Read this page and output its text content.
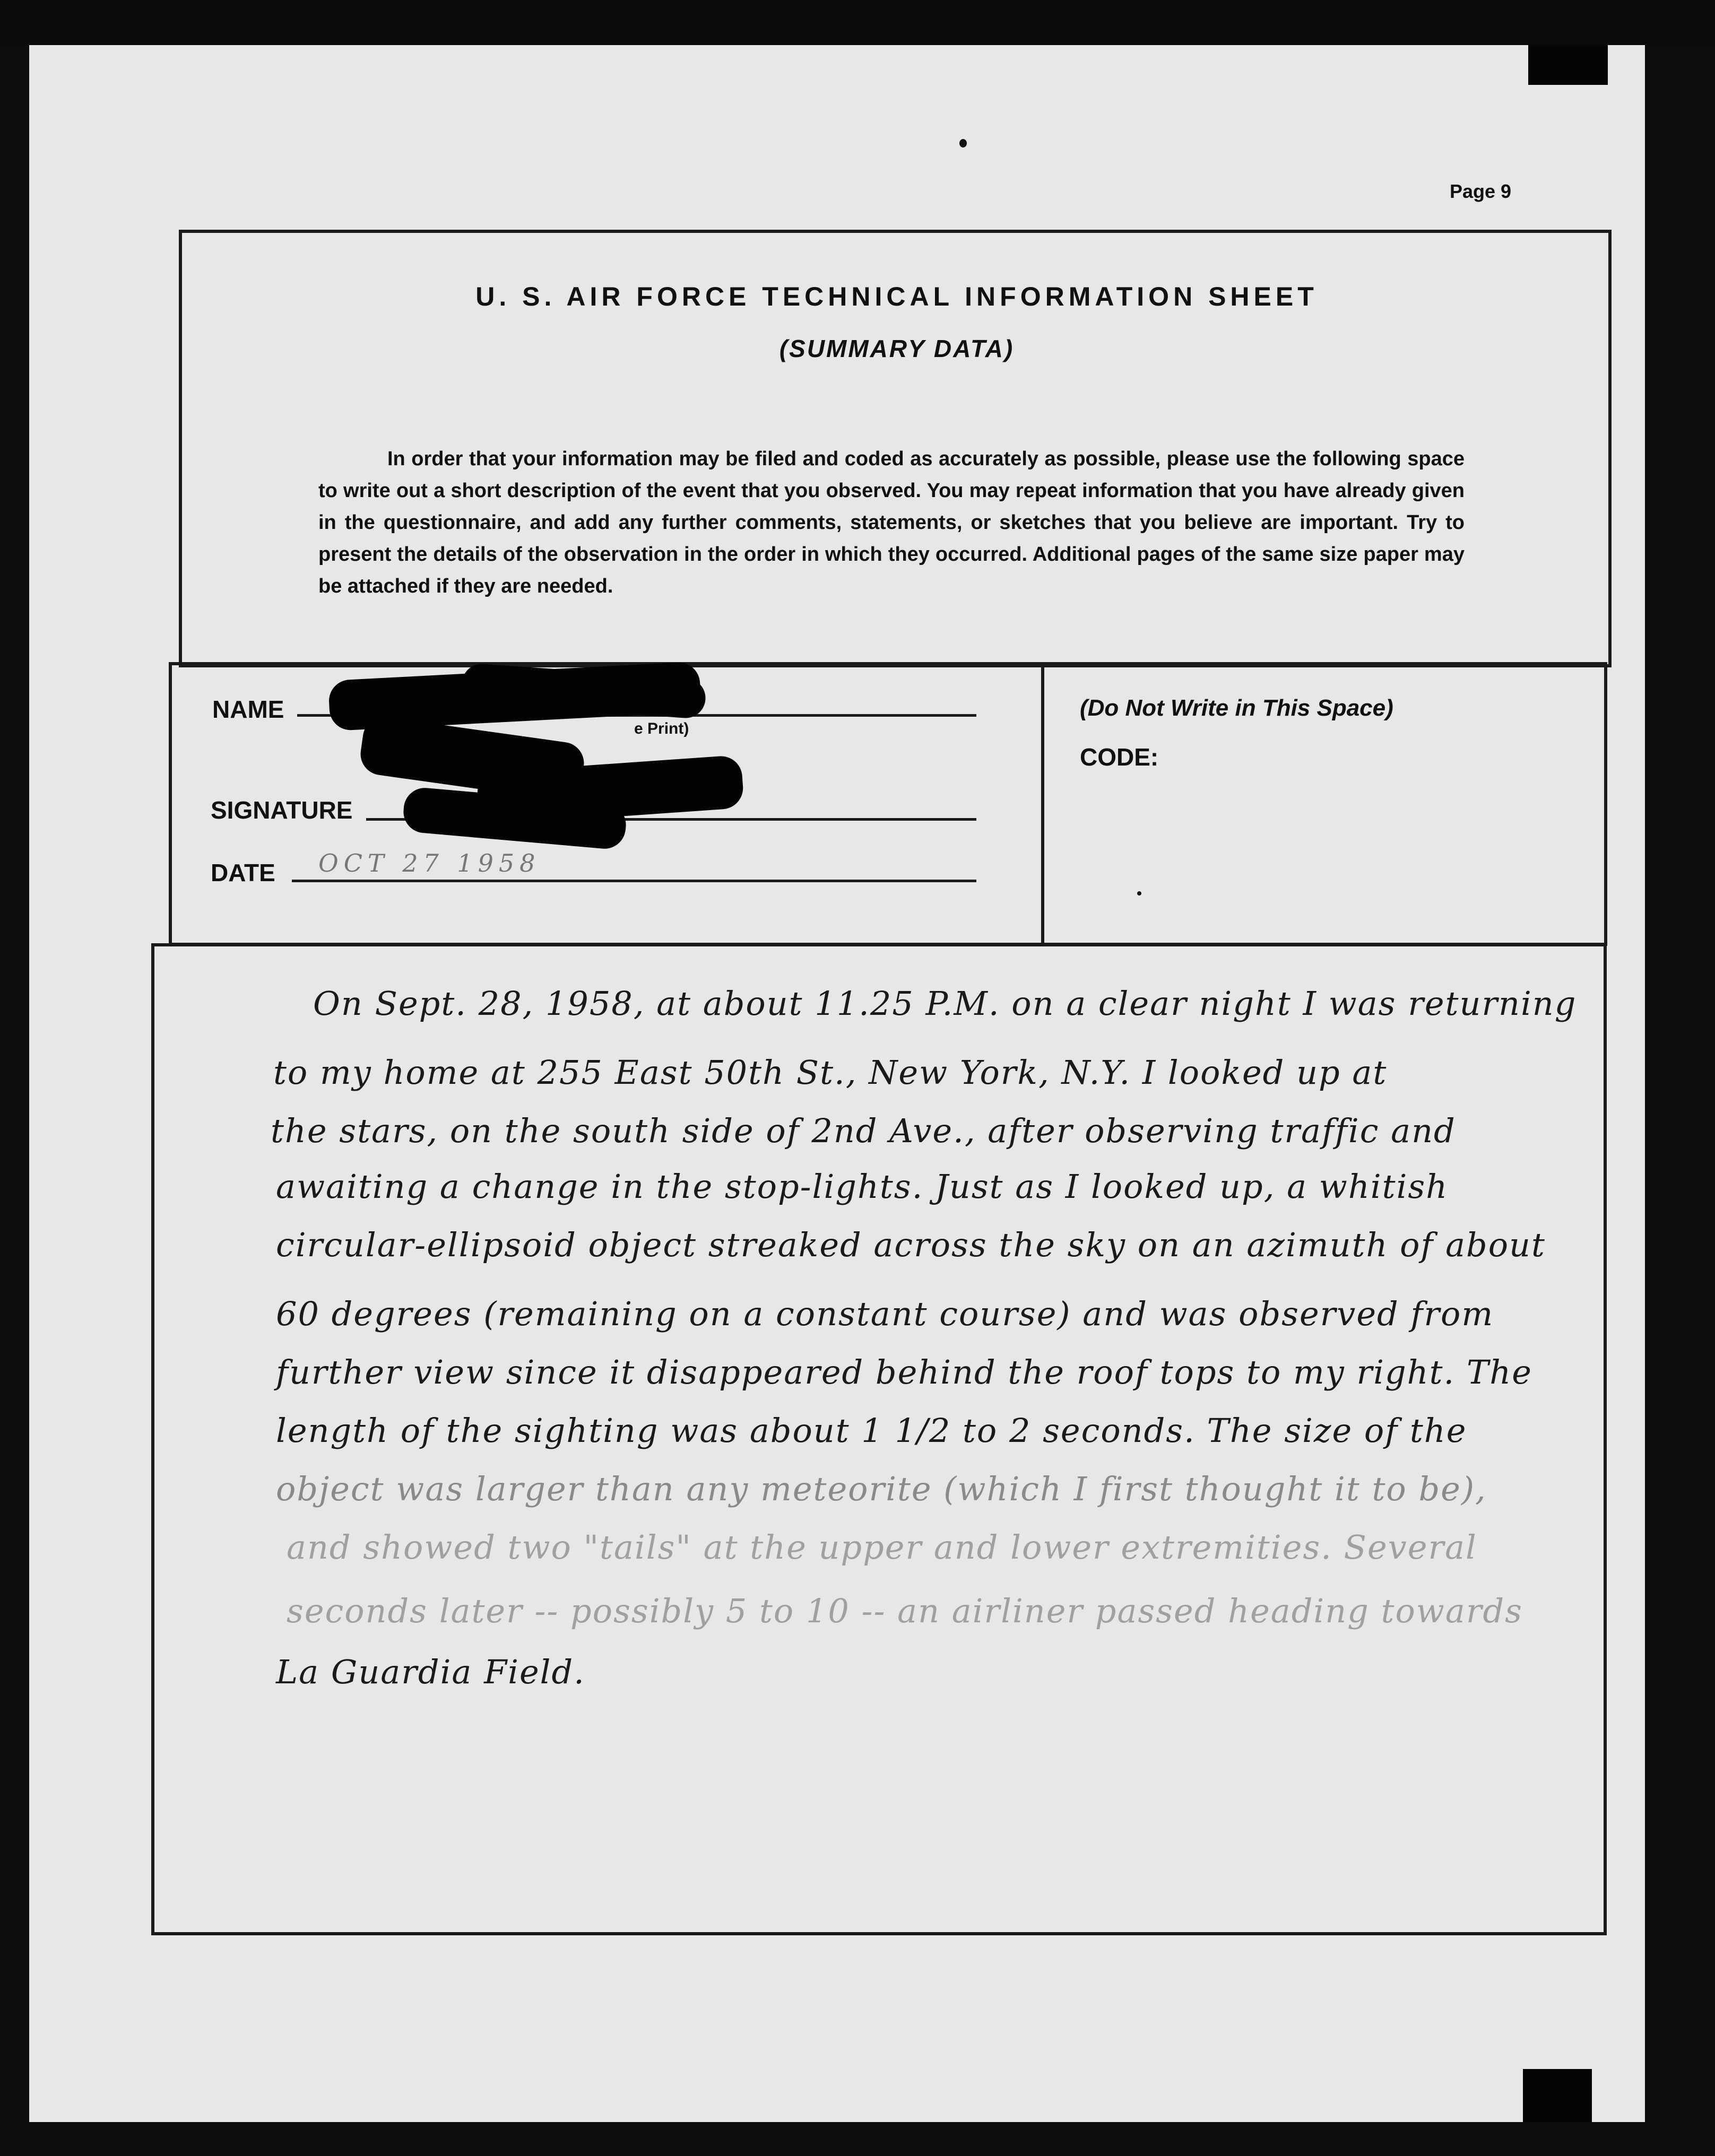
Page 9
U. S. AIR FORCE TECHNICAL INFORMATION SHEET
(SUMMARY DATA)
In order that your information may be filed and coded as accurately as possible, please use the following space to write out a short description of the event that you observed. You may repeat information that you have already given in the questionnaire, and add any further comments, statements, or sketches that you believe are important. Try to present the details of the observation in the order in which they occurred. Additional pages of the same size paper may be attached if they are needed.
NAME
e Print)
SIGNATURE
DATE OCT 27 1958
(Do Not Write in This Space)
CODE:
On Sept. 28, 1958, at about 11.25 P.M. on a clear night I was returning
to my home at 255 East 50th St., New York, N.Y. I looked up at
the stars, on the south side of 2nd Ave., after observing traffic and
awaiting a change in the stop-lights. Just as I looked up, a whitish
circular-ellipsoid object streaked across the sky on an azimuth of about
60 degrees (remaining on a constant course) and was observed from
further view since it disappeared behind the roof tops to my right. The
length of the sighting was about 1 1/2 to 2 seconds. The size of the
object was larger than any meteorite (which I first thought it to be),
and showed two "tails" at the upper and lower extremities. Several
seconds later -- possibly 5 to 10 -- an airliner passed heading towards
La Guardia Field.
